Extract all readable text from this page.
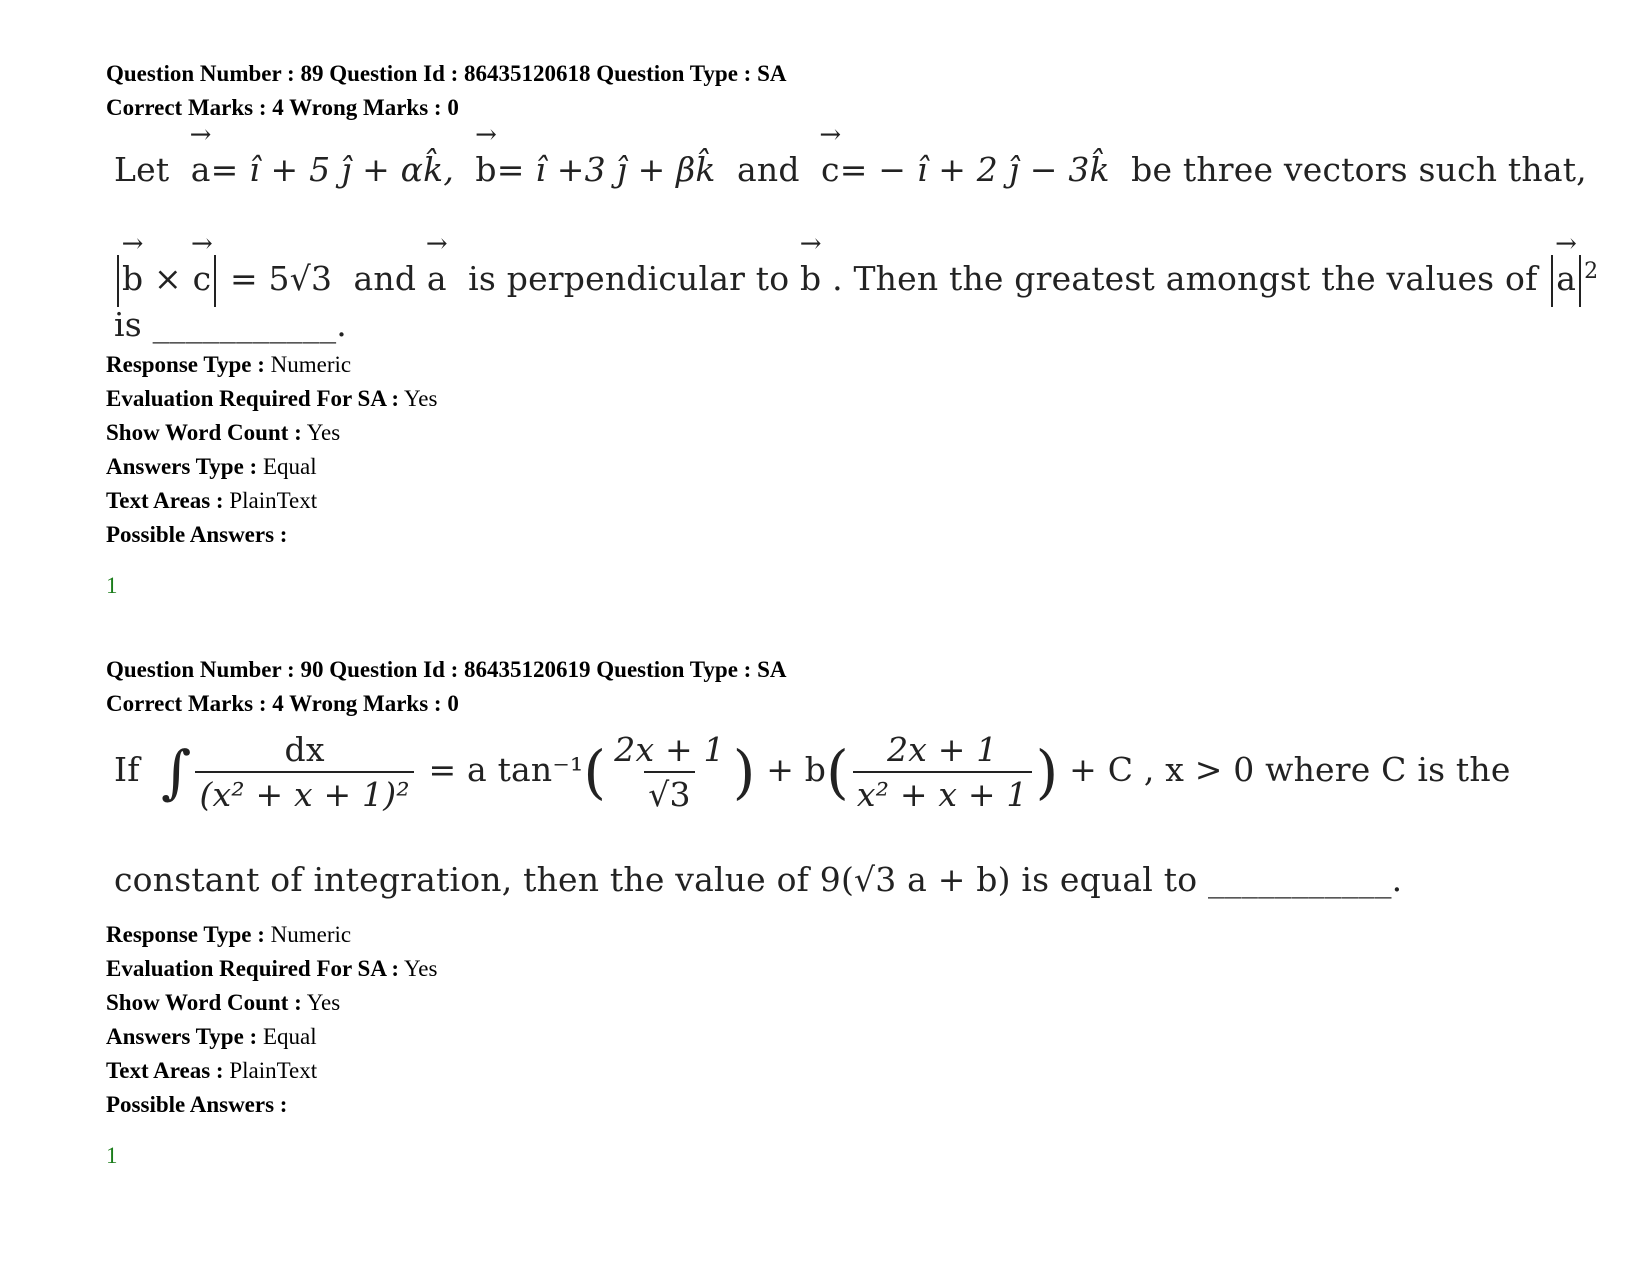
Question Number : 89 Question Id : 86435120618 Question Type : SA
Correct Marks : 4 Wrong Marks : 0
Let → a= î + 5 ĵ + αk̂, → b= î +3 ĵ + βk̂ and → c= − î + 2 ĵ − 3k̂ be three vectors such that,
→ b × → c = 5√3 and → a is perpendicular to → b . Then the greatest amongst the values of → a $^2$
is ___________.
Response Type : Numeric
Evaluation Required For SA : Yes
Show Word Count : Yes
Answers Type : Equal
Text Areas : PlainText
Possible Answers :
1
Question Number : 90 Question Id : 86435120619 Question Type : SA
Correct Marks : 4 Wrong Marks : 0
If ∫ $\frac{dx}{\text{(x² + x + 1)²}} = a$ $\tan^{-1}( \frac{2x + 1}{√3}$ ) + $b( \frac{2x + 1}{\text{x² + x + 1}}$ ) + C , x > 0 where C is the
constant of integration, then the value of 9(√3 a + b) is equal to ___________.
Response Type : Numeric
Evaluation Required For SA : Yes
Show Word Count : Yes
Answers Type : Equal
Text Areas : PlainText
Possible Answers :
1
